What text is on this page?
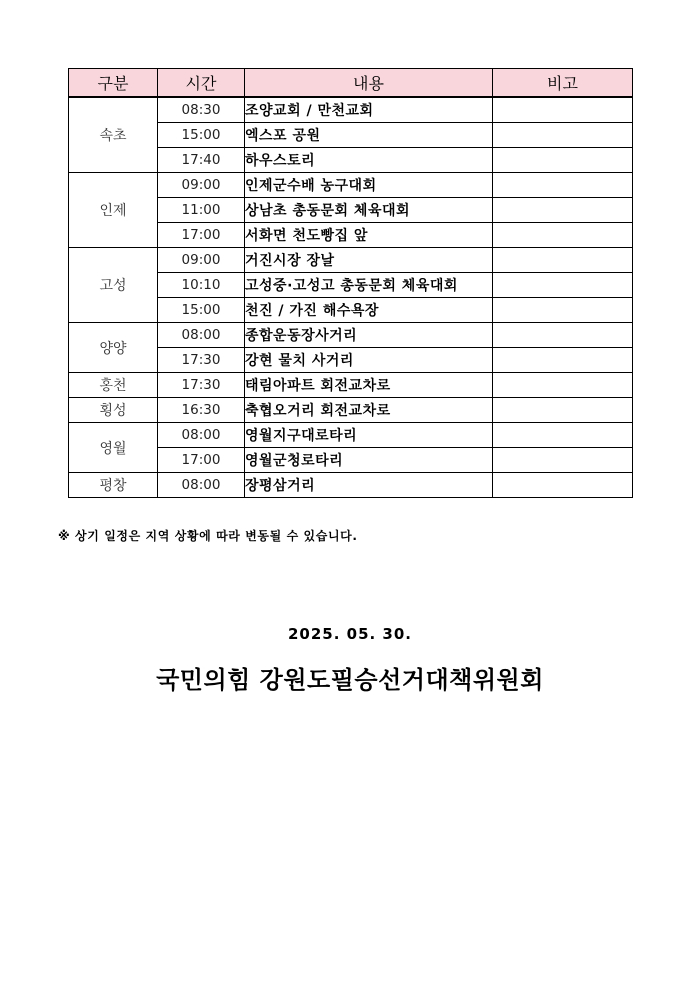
구분	시간	내용	비고
속초	08:30	조양교회 / 만천교회	
	15:00	엑스포 공원	
	17:40	하우스토리	
인제	09:00	인제군수배 농구대회	
	11:00	상남초 총동문회 체육대회	
	17:00	서화면 천도빵집 앞	
고성	09:00	거진시장 장날	
	10:10	고성중·고성고 총동문회 체육대회	
	15:00	천진 / 가진 해수욕장	
양양	08:00	종합운동장사거리	
	17:30	강현 물치 사거리	
홍천	17:30	태림아파트 회전교차로	
횡성	16:30	축협오거리 회전교차로	
영월	08:00	영월지구대로타리	
	17:00	영월군청로타리	
평창	08:00	장평삼거리	
※ 상기 일정은 지역 상황에 따라 변동될 수 있습니다.
2025. 05. 30.
국민의힘 강원도필승선거대책위원회
